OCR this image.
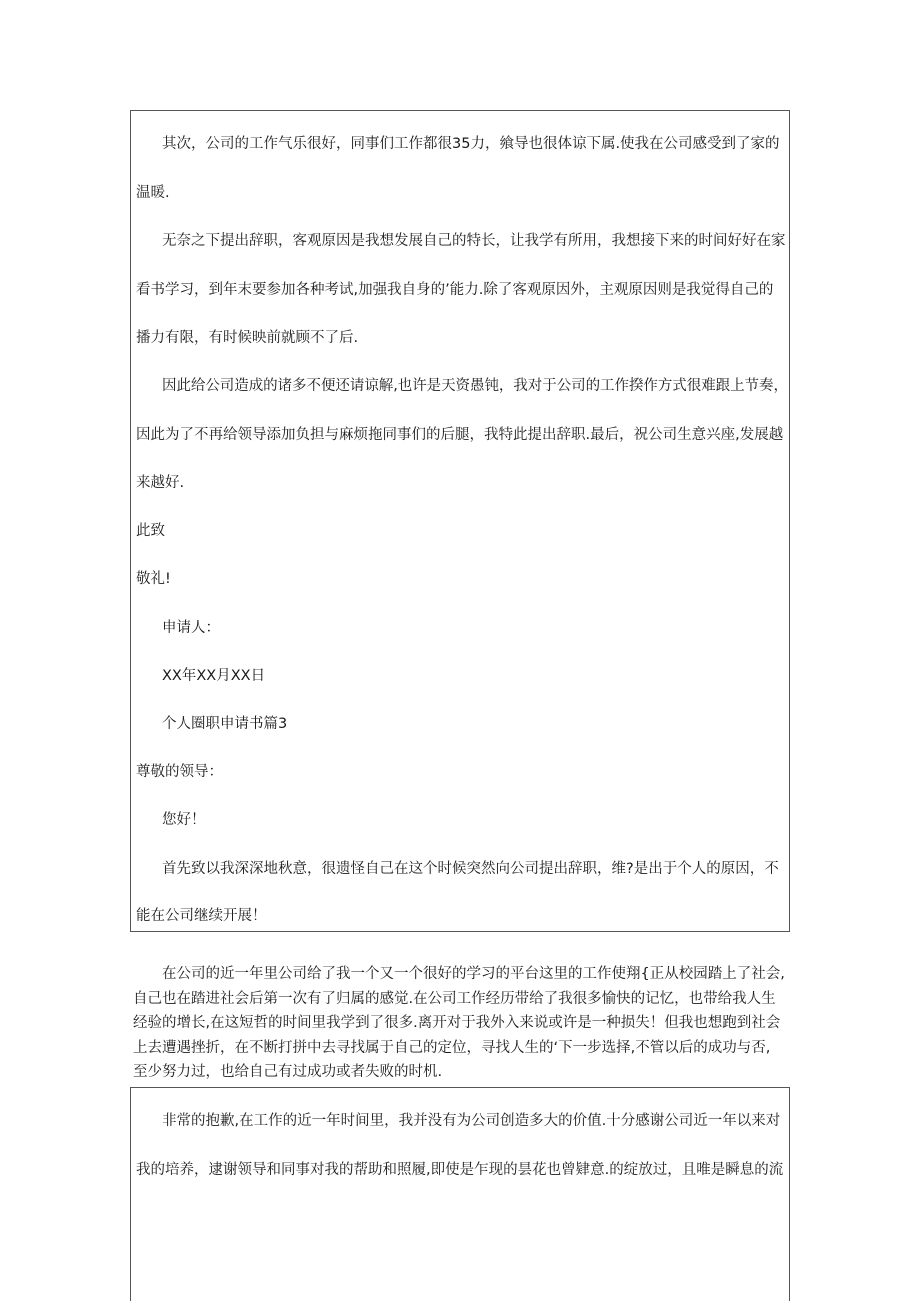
其次，公司的工作气乐很好，同事们工作都很35力，飨导也很体谅下属.使我在公司感受到了家的
温暖.
无奈之下提出辞职，客观原因是我想发展自己的特长，让我学有所用，我想接下来的时间好好在家
看书学习，到年末要参加各种考试,加强我自身的’能力.除了客观原因外，主观原因则是我觉得自己的
播力有限，有时候映前就顾不了后.
因此给公司造成的诸多不便还请谅解,也许是天资愚钝，我对于公司的工作揆作方式很难跟上节奏，
因此为了不再给领导添加负担与麻烦拖同事们的后腿，我特此提出辞职.最后，祝公司生意兴座,发展越
来越好.
此致
敬礼!
申请人：
XX年XX月XX日
个人圈职申请书篇3
尊敬的领导：
您好！
首先致以我深深地秋意，很遗怪自己在这个时候突然向公司提出辞职，维?是出于个人的原因，不
能在公司继续开展！
在公司的近一年里公司给了我一个又一个很好的学习的平台这里的工作使翔{正从校园踏上了社会,
自己也在踏进社会后第一次有了归属的感觉.在公司工作经历带给了我很多愉快的记忆，也带给我人生
经验的增长,在这短哲的时间里我学到了很多.离开对于我外入来说或许是一种损失！但我也想跑到社会
上去遭遇挫折，在不断打拼中去寻找属于自己的定位，寻找人生的‘下一步选择,不管以后的成功与否,
至少努力过，也给自己有过成功或者失败的时机.
非常的抱歉,在工作的近一年时间里，我并没有为公司创造多大的价值.十分感谢公司近一年以来对
我的培养，逮谢领导和同事对我的帮助和照履,即使是乍现的昙花也曾肄意.的绽放过，且唯是瞬息的流
